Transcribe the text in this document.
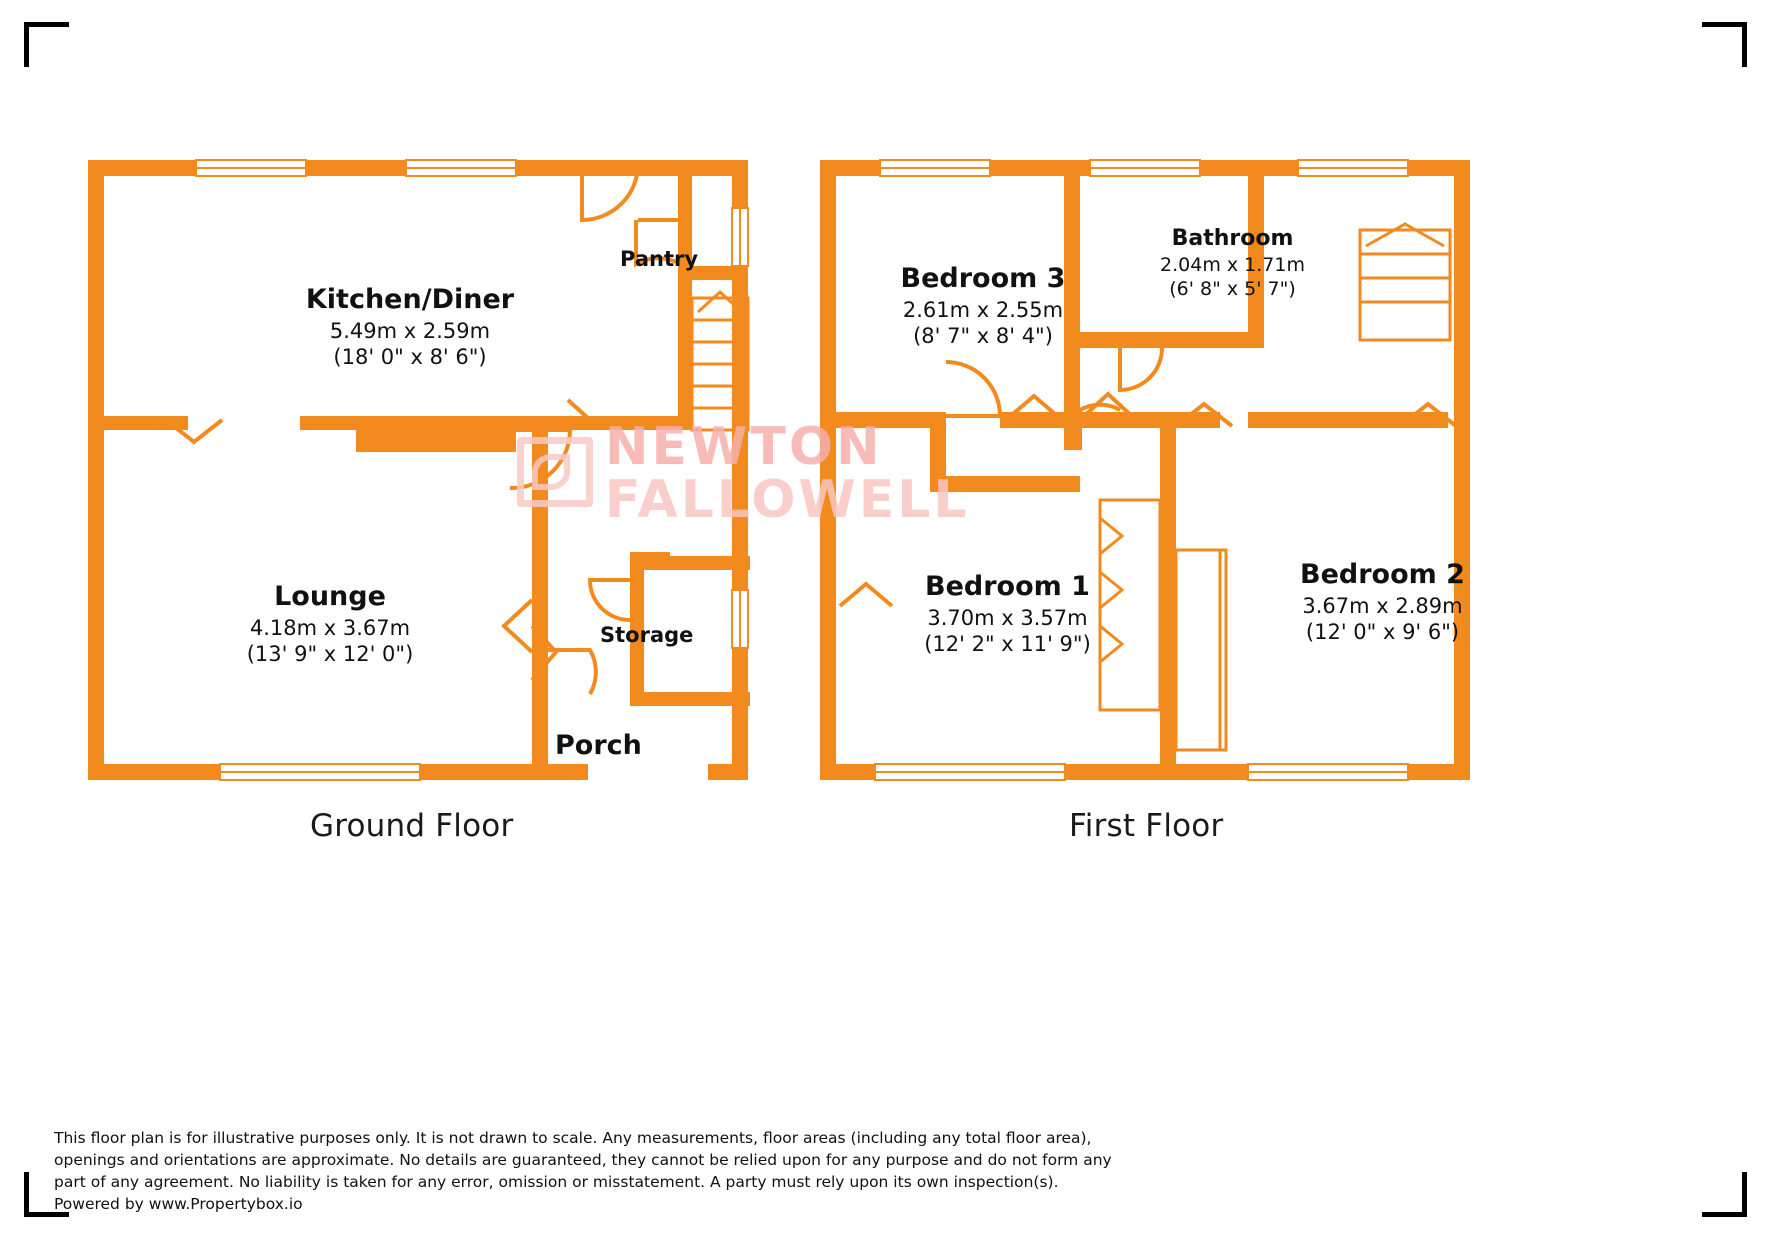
Kitchen/Diner
5.49m x 2.59m
(18' 0" x 8' 6")
Lounge
4.18m x 3.67m
(13' 9" x 12' 0")
Pantry
Storage
Porch
Bedroom 3
2.61m x 2.55m
(8' 7" x 8' 4")
Bathroom
2.04m x 1.71m
(6' 8" x 5' 7")
Bedroom 1
3.70m x 3.57m
(12' 2" x 11' 9")
Bedroom 2
3.67m x 2.89m
(12' 0" x 9' 6")
Ground Floor	First Floor
NEWTON
FALLOWELL
This floor plan is for illustrative purposes only. It is not drawn to scale. Any measurements, floor areas (including any total floor area), openings and orientations are approximate. No details are guaranteed, they cannot be relied upon for any purpose and do not form any part of any agreement. No liability is taken for any error, omission or misstatement. A party must rely upon its own inspection(s). Powered by www.Propertybox.io
